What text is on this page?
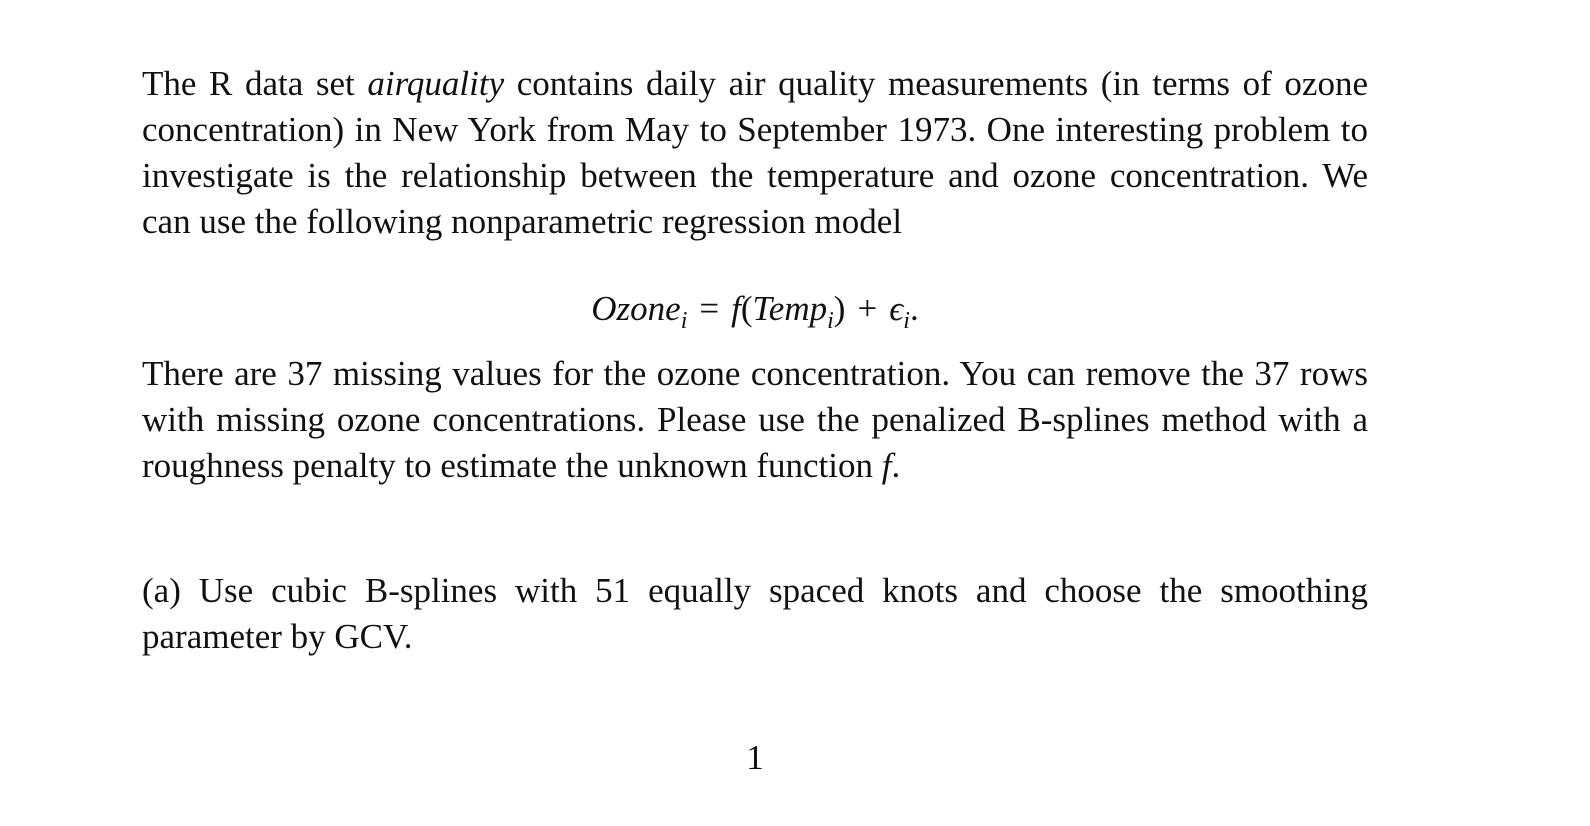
The R data set airquality contains daily air quality measurements (in terms of ozone concentration) in New York from May to September 1973. One interesting problem to investigate is the relationship between the temperature and ozone concentration. We can use the following nonparametric regression model

Ozone$_i$ = f(Temp$_i$) + $\epsilon_i$.

There are 37 missing values for the ozone concentration. You can remove the 37 rows with missing ozone concentrations. Please use the penalized B-splines method with a roughness penalty to estimate the unknown function f.

(a) Use cubic B-splines with 51 equally spaced knots and choose the smoothing parameter by GCV.

1
